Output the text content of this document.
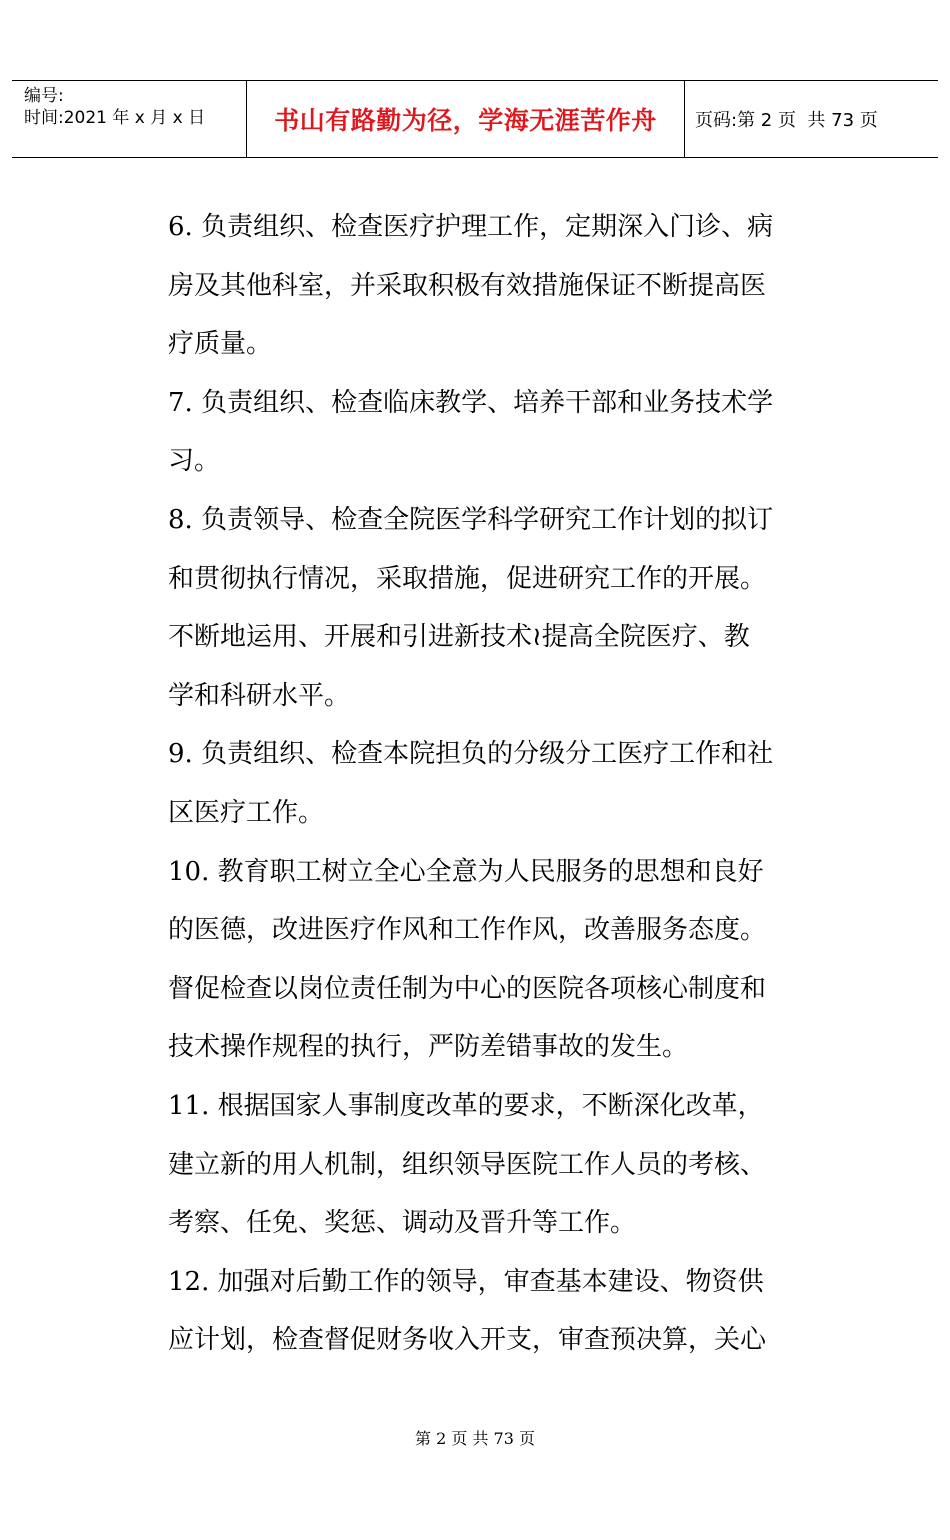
编号:
时间:2021 年 x 月 x 日	书山有路勤为径，学海无涯苦作舟	页码:第 2 页  共 73 页
6. 负责组织、检查医疗护理工作，定期深入门诊、病
房及其他科室，并采取积极有效措施保证不断提高医
疗质量。
7. 负责组织、检查临床教学、培养干部和业务技术学
习。
8. 负责领导、检查全院医学科学研究工作计划的拟订
和贯彻执行情况，采取措施，促进研究工作的开展。
不断地运用、开展和引进新技术≀提高全院医疗、教
学和科研水平。
9. 负责组织、检查本院担负的分级分工医疗工作和社
区医疗工作。
10. 教育职工树立全心全意为人民服务的思想和良好
的医德，改进医疗作风和工作作风，改善服务态度。
督促检查以岗位责任制为中心的医院各项核心制度和
技术操作规程的执行，严防差错事故的发生。
11. 根据国家人事制度改革的要求，不断深化改革，
建立新的用人机制，组织领导医院工作人员的考核、
考察、任免、奖惩、调动及晋升等工作。
12. 加强对后勤工作的领导，审查基本建设、物资供
应计划，检查督促财务收入开支，审查预决算，关心
第 2 页 共 73 页
